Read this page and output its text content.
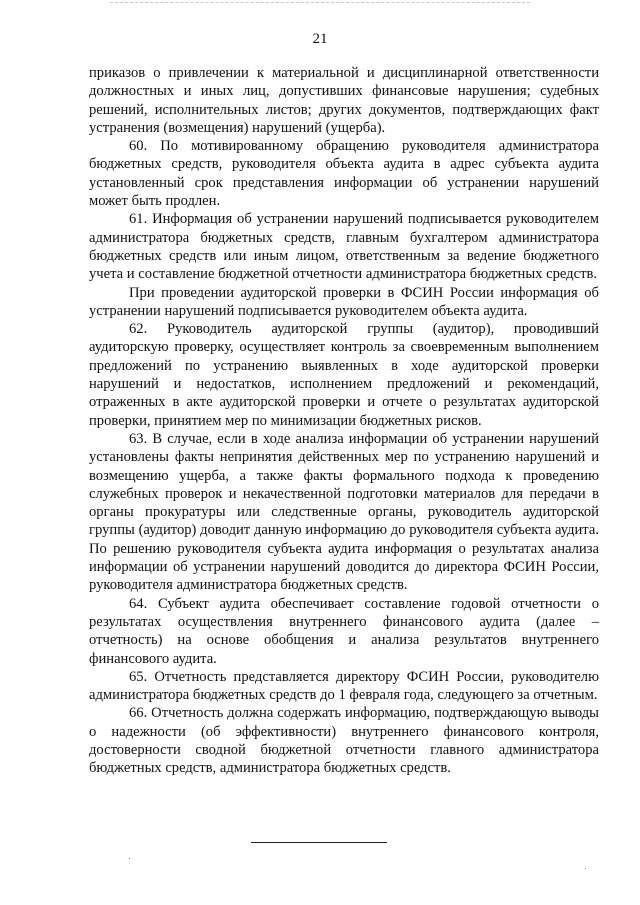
21

приказов о привлечении к материальной и дисциплинарной ответственности должностных и иных лиц, допустивших финансовые нарушения; судебных решений, исполнительных листов; других документов, подтверждающих факт устранения (возмещения) нарушений (ущерба).

60. По мотивированному обращению руководителя администратора бюджетных средств, руководителя объекта аудита в адрес субъекта аудита установленный срок представления информации об устранении нарушений может быть продлен.

61. Информация об устранении нарушений подписывается руководителем администратора бюджетных средств, главным бухгалтером администратора бюджетных средств или иным лицом, ответственным за ведение бюджетного учета и составление бюджетной отчетности администратора бюджетных средств.

При проведении аудиторской проверки в ФСИН России информация об устранении нарушений подписывается руководителем объекта аудита.

62. Руководитель аудиторской группы (аудитор), проводивший аудиторскую проверку, осуществляет контроль за своевременным выполнением предложений по устранению выявленных в ходе аудиторской проверки нарушений и недостатков, исполнением предложений и рекомендаций, отраженных в акте аудиторской проверки и отчете о результатах аудиторской проверки, принятием мер по минимизации бюджетных рисков.

63. В случае, если в ходе анализа информации об устранении нарушений установлены факты непринятия действенных мер по устранению нарушений и возмещению ущерба, а также факты формального подхода к проведению служебных проверок и некачественной подготовки материалов для передачи в органы прокуратуры или следственные органы, руководитель аудиторской группы (аудитор) доводит данную информацию до руководителя субъекта аудита. По решению руководителя субъекта аудита информация о результатах анализа информации об устранении нарушений доводится до директора ФСИН России, руководителя администратора бюджетных средств.

64. Субъект аудита обеспечивает составление годовой отчетности о результатах осуществления внутреннего финансового аудита (далее – отчетность) на основе обобщения и анализа результатов внутреннего финансового аудита.

65. Отчетность представляется директору ФСИН России, руководителю администратора бюджетных средств до 1 февраля года, следующего за отчетным.

66. Отчетность должна содержать информацию, подтверждающую выводы о надежности (об эффективности) внутреннего финансового контроля, достоверности сводной бюджетной отчетности главного администратора бюджетных средств, администратора бюджетных средств.
